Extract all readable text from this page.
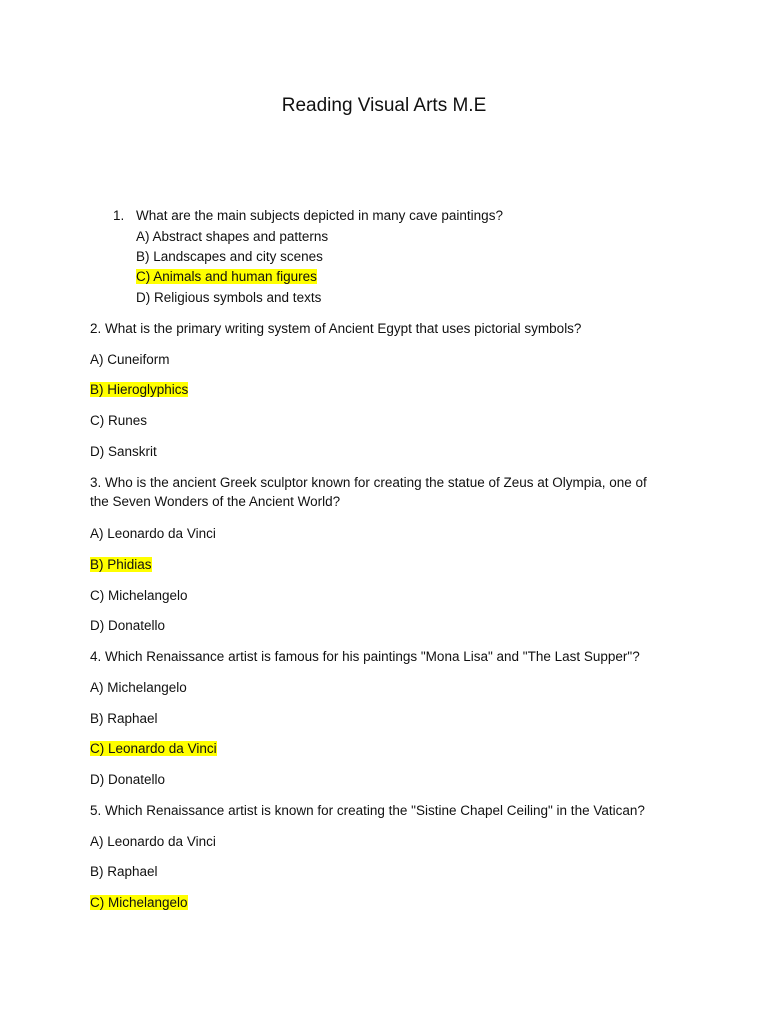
Reading Visual Arts M.E
1. What are the main subjects depicted in many cave paintings?

A) Abstract shapes and patterns

B) Landscapes and city scenes

C) Animals and human figures

D) Religious symbols and texts

2. What is the primary writing system of Ancient Egypt that uses pictorial symbols?

A) Cuneiform

B) Hieroglyphics

C) Runes

D) Sanskrit

3. Who is the ancient Greek sculptor known for creating the statue of Zeus at Olympia, one of

the Seven Wonders of the Ancient World?

A) Leonardo da Vinci

B) Phidias

C) Michelangelo

D) Donatello

4. Which Renaissance artist is famous for his paintings "Mona Lisa" and "The Last Supper"?

A) Michelangelo

B) Raphael

C) Leonardo da Vinci

D) Donatello

5. Which Renaissance artist is known for creating the "Sistine Chapel Ceiling" in the Vatican?

A) Leonardo da Vinci

B) Raphael

C) Michelangelo
